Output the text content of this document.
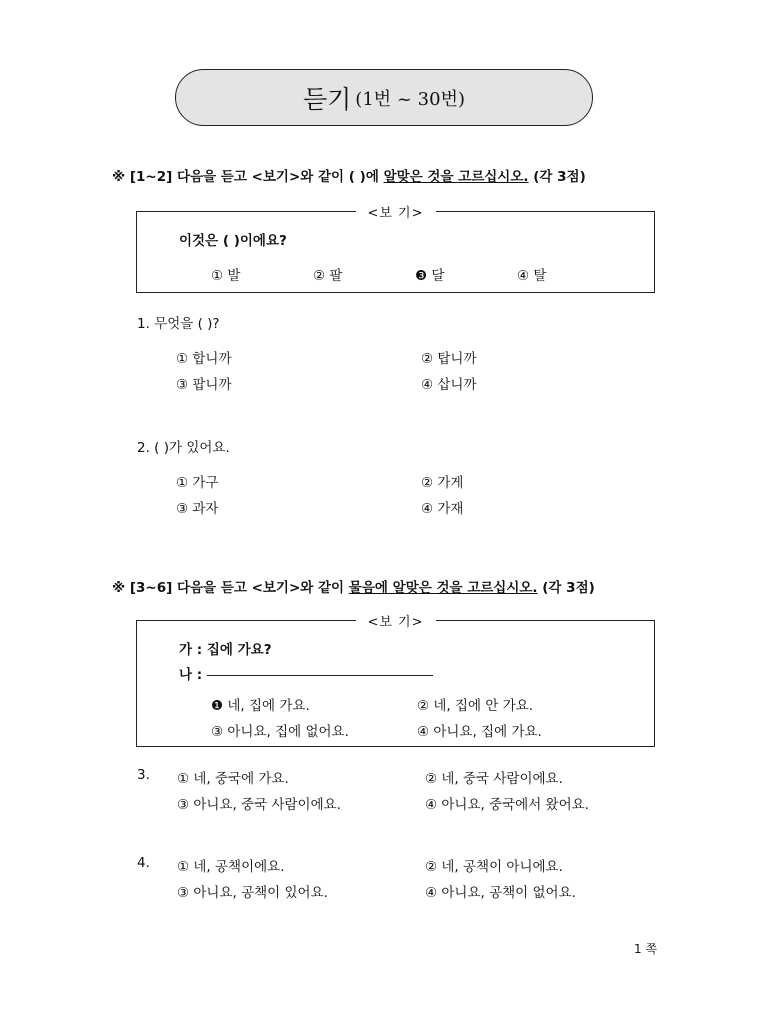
듣기 (1번 ~ 30번)
※ [1~2] 다음을 듣고 <보기>와 같이 ( )에 알맞은 것을 고르십시오. (각 3점)
<보 기>
이것은 ( )이에요?
① 발	② 팔	❸ 달	④ 탈
1. 무엇을 ( )?
① 합니까	② 탑니까
③ 팝니까	④ 삽니까
2. ( )가 있어요.
① 가구	② 가게
③ 과자	④ 가재
※ [3~6] 다음을 듣고 <보기>와 같이 물음에 알맞은 것을 고르십시오. (각 3점)
<보 기>
가 : 집에 가요?
나 :
❶ 네, 집에 가요.	② 네, 집에 안 가요.
③ 아니요, 집에 없어요.	④ 아니요, 집에 가요.
3. ① 네, 중국에 가요.	② 네, 중국 사람이에요.
③ 아니요, 중국 사람이에요.	④ 아니요, 중국에서 왔어요.
4. ① 네, 공책이에요.	② 네, 공책이 아니에요.
③ 아니요, 공책이 있어요.	④ 아니요, 공책이 없어요.
1 쪽
